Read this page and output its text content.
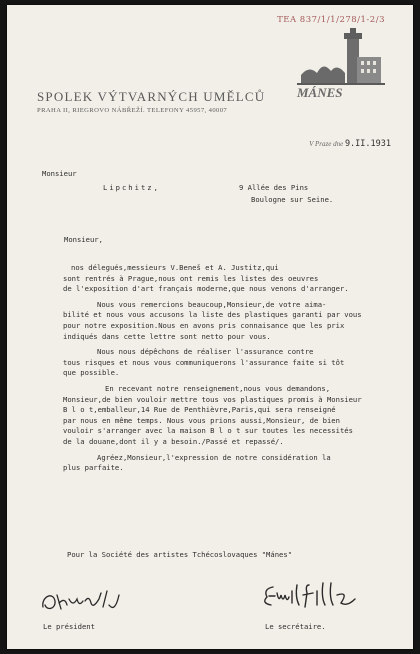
TEA 837/1/1/278/1-2/3
MÁNES
SPOLEK VÝTVARNÝCH UMĚLCŮ
PRAHA II, RIEGROVO NÁBŘEŽÍ. TELEFONY 45957, 40007
V Praze dne 9.II.1931
Monsieur
Lipchitz,	9 Allée des Pins
Boulogne sur Seine.
Monsieur,

nos délegués,messieurs V.Beneš et A. Justitz,qui
sont rentrés à Prague,nous ont remis les listes des oeuvres
de l'exposition d'art français moderne,que nous venons d'arranger.

Nous vous remercions beaucoup,Monsieur,de votre aima-
bilité et nous vous accusons la liste des plastiques garanti par vous
pour notre exposition.Nous en avons pris connaisance que les prix
indiqués dans cette lettre sont netto pour vous.

Nous nous dépêchons de réaliser l'assurance contre
tous risques et nous vous communiquerons l'assurance faite si tôt
que possible.

En recevant notre renseignement,nous vous demandons,
Monsieur,de bien vouloir mettre tous vos plastiques promis à Monsieur
B l o t,emballeur,14 Rue de Penthièvre,Paris,qui sera renseigné
par nous en même temps. Nous vous prions aussi,Monsieur, de bien
vouloir s'arranger avec la maison B l o t sur toutes les necessités
de la douane,dont il y a besoin./Passé et repassé/.

Agréez,Monsieur,l'expression de notre considération la
plus parfaite.

Pour la Société des artistes Tchécoslovaques "Mánes"
Le président	Le secrétaire.
